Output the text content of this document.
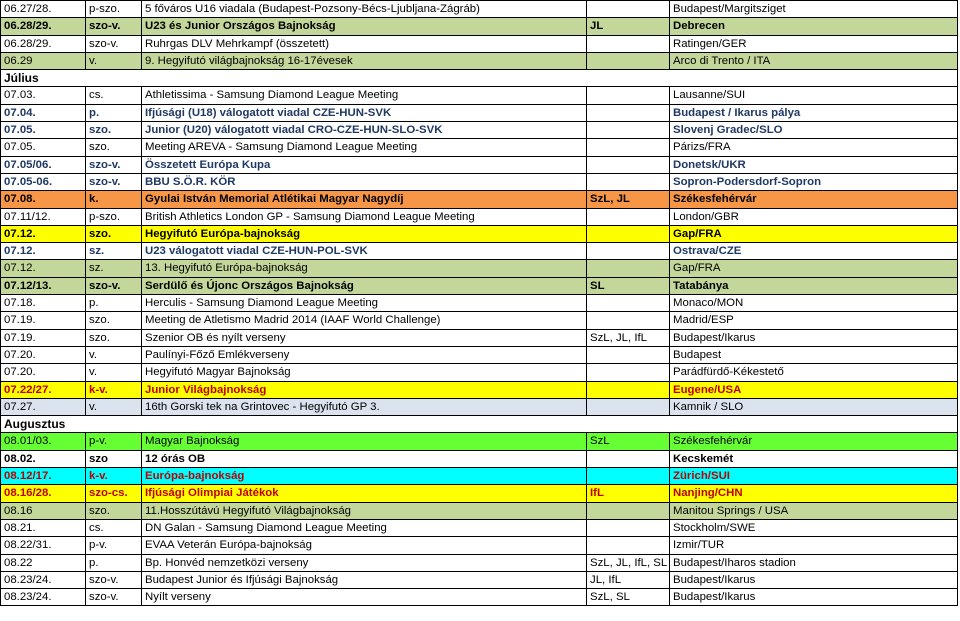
06.27/28.	p-szo.	5 főváros U16 viadala (Budapest-Pozsony-Bécs-Ljubljana-Zágráb)		Budapest/Margitsziget
06.28/29.	szo-v.	U23 és Junior Országos Bajnokság	JL	Debrecen
06.28/29.	szo-v.	Ruhrgas DLV Mehrkampf (összetett)		Ratingen/GER
06.29	v.	9. Hegyifutó világbajnokság 16-17évesek		Arco di Trento / ITA
Július				
07.03.	cs.	Athletissima - Samsung Diamond League Meeting		Lausanne/SUI
07.04.	p.	Ifjúsági (U18) válogatott viadal CZE-HUN-SVK		Budapest / Ikarus pálya
07.05.	szo.	Junior (U20) válogatott viadal CRO-CZE-HUN-SLO-SVK		Slovenj Gradec/SLO
07.05.	szo.	Meeting AREVA - Samsung Diamond League Meeting		Párizs/FRA
07.05/06.	szo-v.	Összetett Európa Kupa		Donetsk/UKR
07.05-06.	szo-v.	BBU S.Ö.R. KÖR		Sopron-Podersdorf-Sopron
07.08.	k.	Gyulai István Memorial Atlétikai Magyar Nagydíj	SzL, JL	Székesfehérvár
07.11/12.	p-szo.	British Athletics London GP - Samsung Diamond League Meeting		London/GBR
07.12.	szo.	Hegyifutó Európa-bajnokság		Gap/FRA
07.12.	sz.	U23 válogatott viadal CZE-HUN-POL-SVK		Ostrava/CZE
07.12.	sz.	13. Hegyifutó Európa-bajnokság		Gap/FRA
07.12/13.	szo-v.	Serdülő és Újonc Országos Bajnokság	SL	Tatabánya
07.18.	p.	Herculis - Samsung Diamond League Meeting		Monaco/MON
07.19.	szo.	Meeting de Atletismo Madrid 2014 (IAAF World Challenge)		Madrid/ESP
07.19.	szo.	Szenior OB és nyílt verseny	SzL, JL, IfL	Budapest/Ikarus
07.20.	v.	Paulínyi-Főző Emlékverseny		Budapest
07.20.	v.	Hegyifutó Magyar Bajnokság		Parádfürdő-Kékestető
07.22/27.	k-v.	Junior Világbajnokság		Eugene/USA
07.27.	v.	16th Gorski tek na Grintovec - Hegyifutó GP 3.		Kamnik / SLO
Augusztus				
08.01/03.	p-v.	Magyar Bajnokság	SzL	Székesfehérvár
08.02.	szo	12 órás OB		Kecskemét
08.12/17.	k-v.	Európa-bajnokság		Zürich/SUI
08.16/28.	szo-cs.	Ifjúsági Olimpiai Játékok	IfL	Nanjing/CHN
08.16	szo.	11.Hosszútávú Hegyifutó Világbajnokság		Manitou Springs / USA
08.21.	cs.	DN Galan - Samsung Diamond League Meeting		Stockholm/SWE
08.22/31.	p-v.	EVAA Veterán Európa-bajnokság		Izmir/TUR
08.22	p.	Bp. Honvéd nemzetközi verseny	SzL, JL, IfL, SL	Budapest/Iharos stadion
08.23/24.	szo-v.	Budapest Junior és Ifjúsági Bajnokság	JL, IfL	Budapest/Ikarus
08.23/24.	szo-v.	Nyílt verseny	SzL, SL	Budapest/Ikarus
